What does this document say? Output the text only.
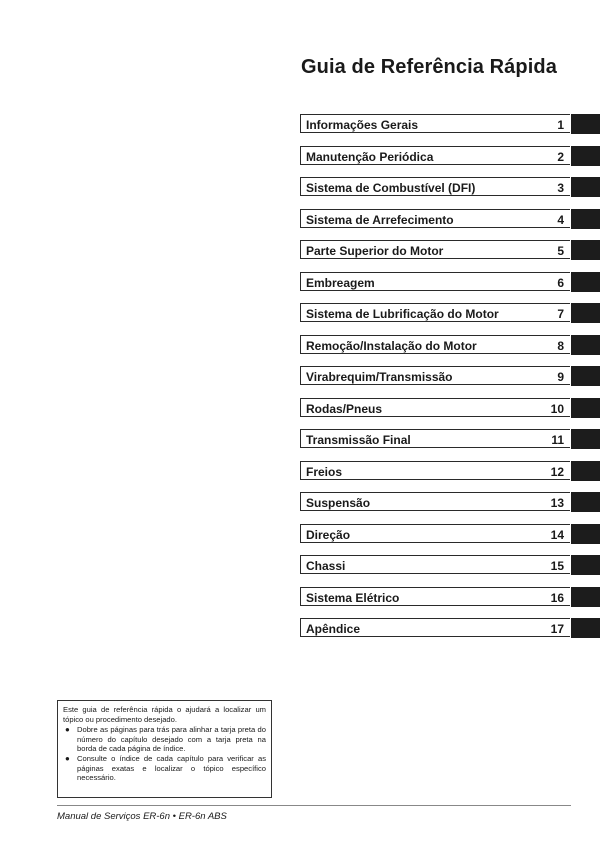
Guia de Referência Rápida
Informações Gerais	1
Manutenção Periódica	2
Sistema de Combustível (DFI)	3
Sistema de Arrefecimento	4
Parte Superior do Motor	5
Embreagem	6
Sistema de Lubrificação do Motor	7
Remoção/Instalação do Motor	8
Virabrequim/Transmissão	9
Rodas/Pneus	10
Transmissão Final	11
Freios	12
Suspensão	13
Direção	14
Chassi	15
Sistema Elétrico	16
Apêndice	17

Este guia de referência rápida o ajudará a localizar um tópico ou procedimento desejado.

● Dobre as páginas para trás para alinhar a tarja preta do número do capítulo desejado com a tarja preta na borda de cada página de índice.
● Consulte o índice de cada capítulo para verificar as páginas exatas e localizar o tópico específico necessário.
Manual de Serviços ER-6n • ER-6n ABS
